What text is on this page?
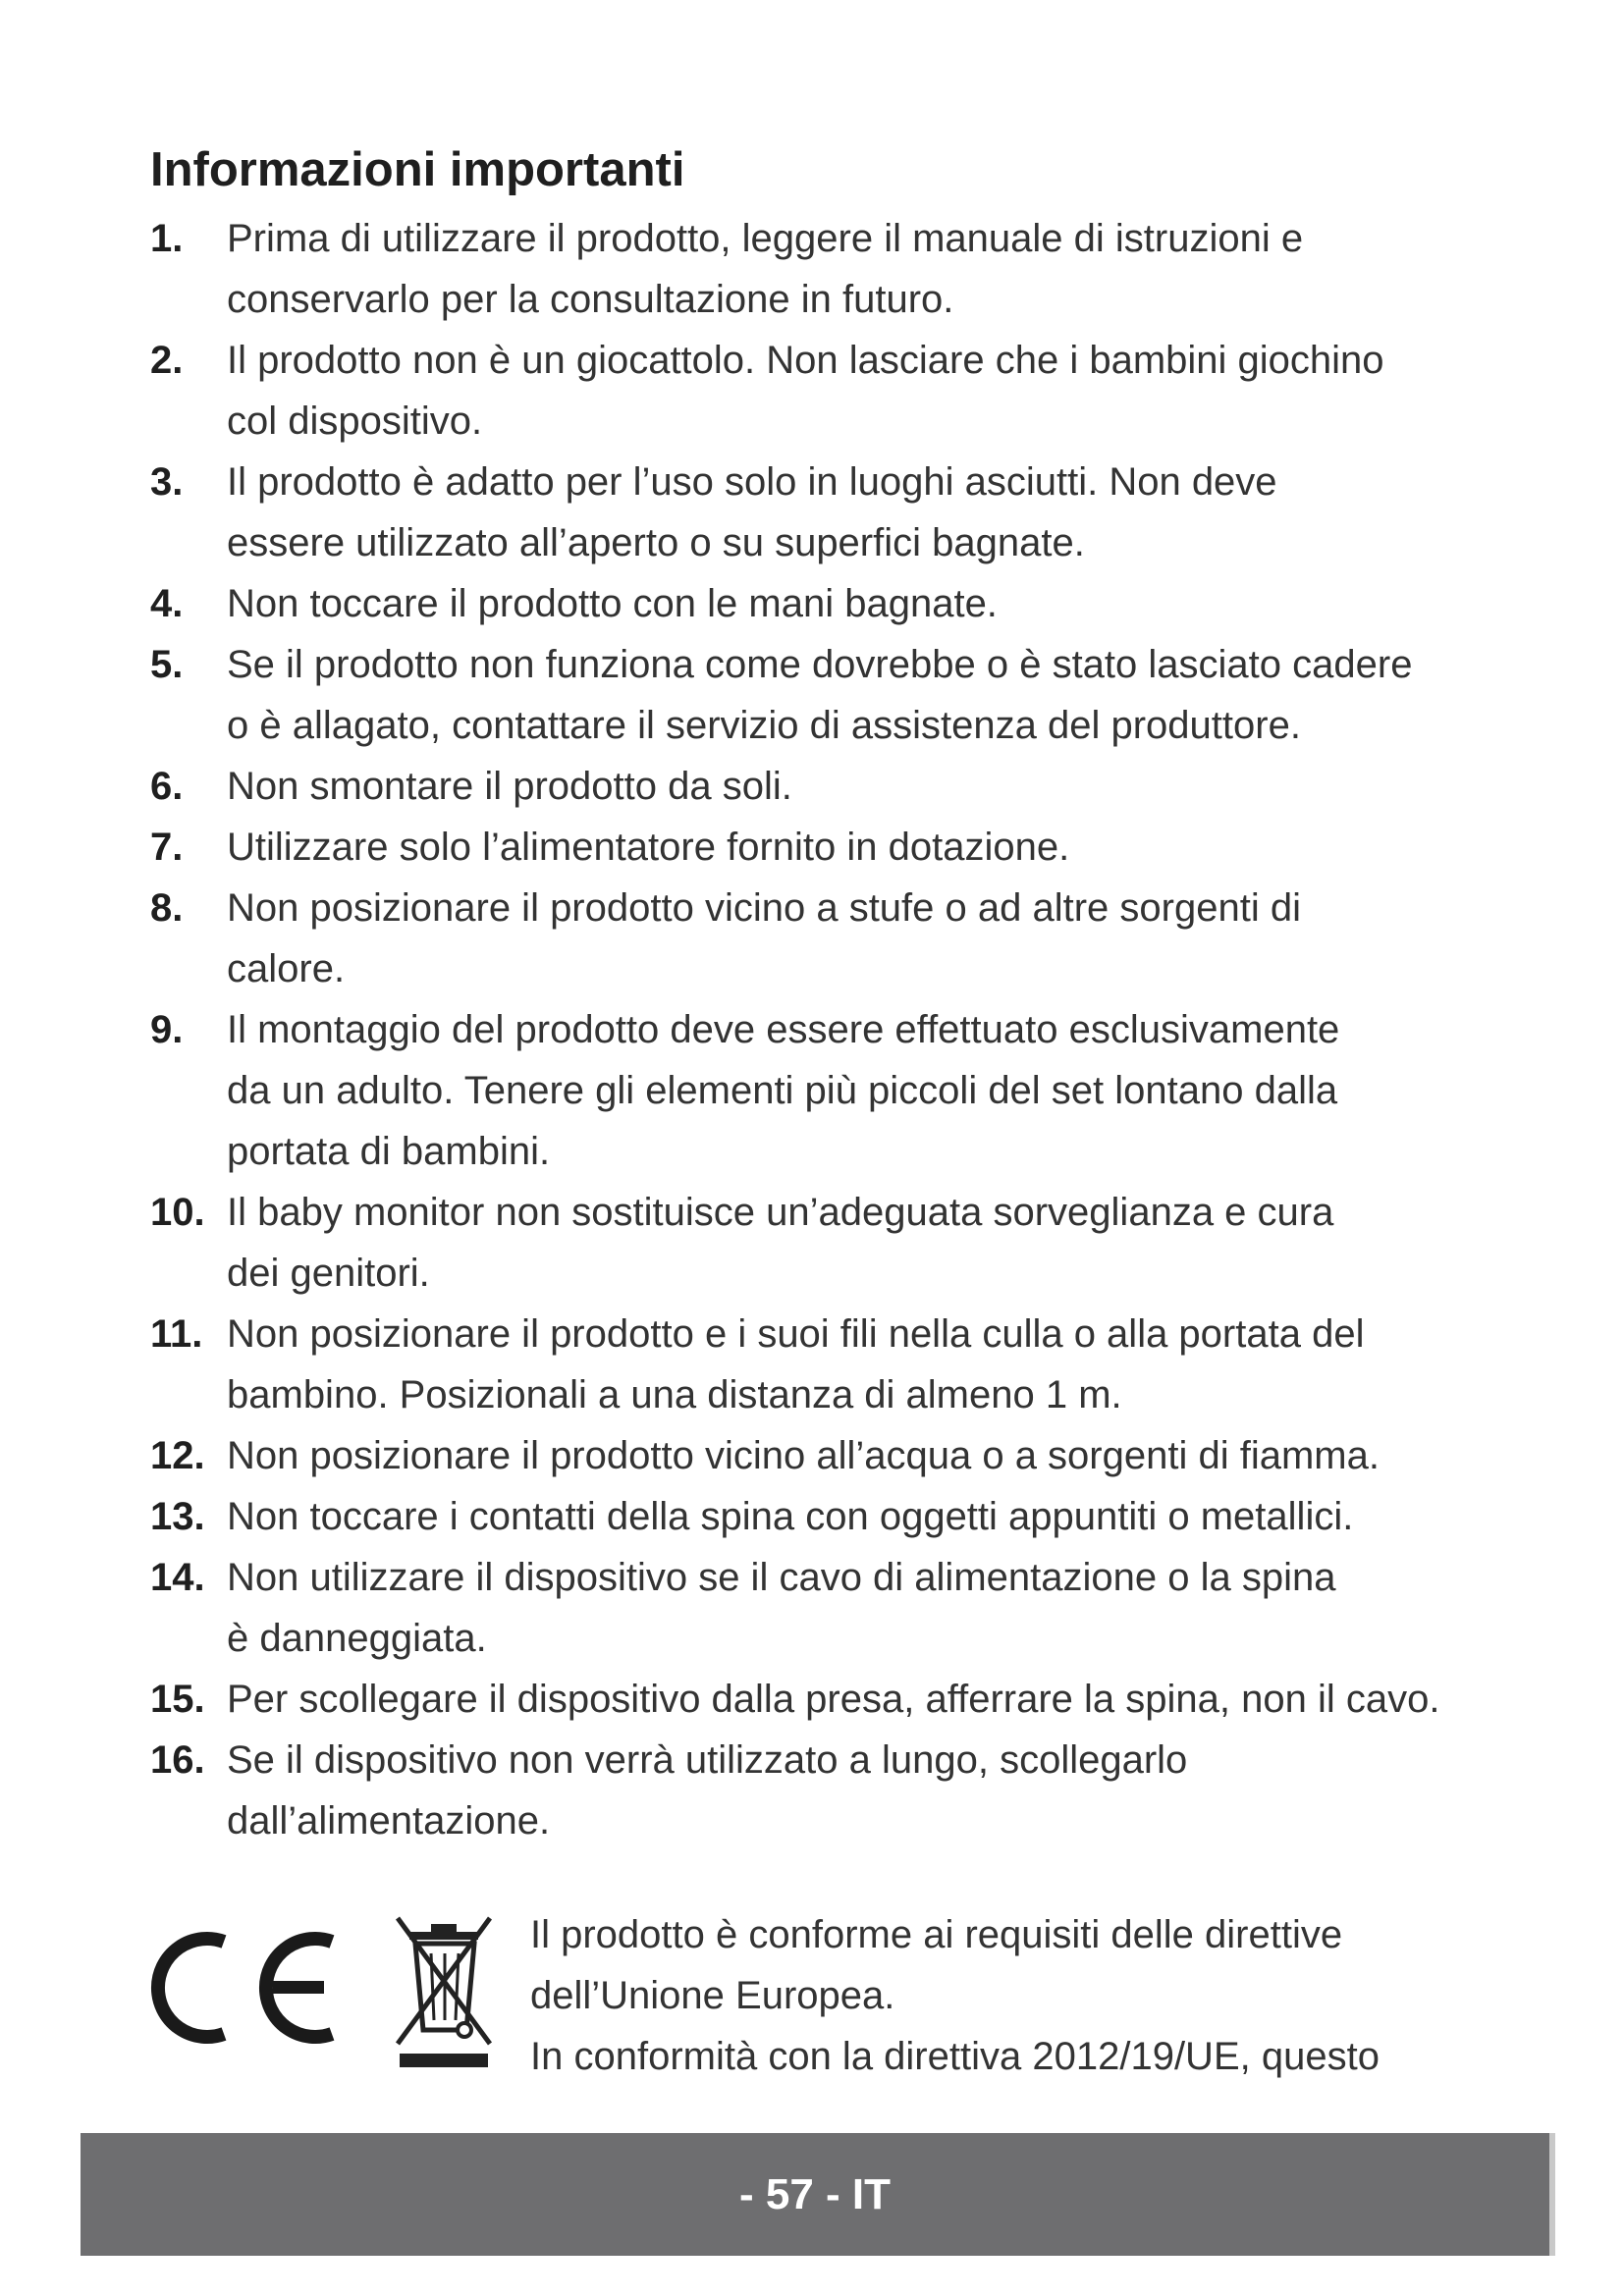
Informazioni importanti
1.	Prima di utilizzare il prodotto, leggere il manuale di istruzioni e
conservarlo per la consultazione in futuro.
2.	Il prodotto non è un giocattolo. Non lasciare che i bambini giochino
col dispositivo.
3.	Il prodotto è adatto per l’uso solo in luoghi asciutti. Non deve
essere utilizzato all’aperto o su superfici bagnate.
4.	Non toccare il prodotto con le mani bagnate.
5.	Se il prodotto non funziona come dovrebbe o è stato lasciato cadere
o è allagato, contattare il servizio di assistenza del produttore.
6.	Non smontare il prodotto da soli.
7.	Utilizzare solo l’alimentatore fornito in dotazione.
8.	Non posizionare il prodotto vicino a stufe o ad altre sorgenti di
calore.
9.	Il montaggio del prodotto deve essere effettuato esclusivamente
da un adulto. Tenere gli elementi più piccoli del set lontano dalla
portata di bambini.
10. Il baby monitor non sostituisce un’adeguata sorveglianza e cura
dei genitori.
11. Non posizionare il prodotto e i suoi fili nella culla o alla portata del
bambino. Posizionali a una distanza di almeno 1 m.
12. Non posizionare il prodotto vicino all’acqua o a sorgenti di fiamma.
13. Non toccare i contatti della spina con oggetti appuntiti o metallici.
14. Non utilizzare il dispositivo se il cavo di alimentazione o la spina
è danneggiata.
15. Per scollegare il dispositivo dalla presa, afferrare la spina, non il cavo.
16. Se il dispositivo non verrà utilizzato a lungo, scollegarlo
dall’alimentazione.

Il prodotto è conforme ai requisiti delle direttive
dell’Unione Europea.
In conformità con la direttiva 2012/19/UE, questo

- 57 - IT
